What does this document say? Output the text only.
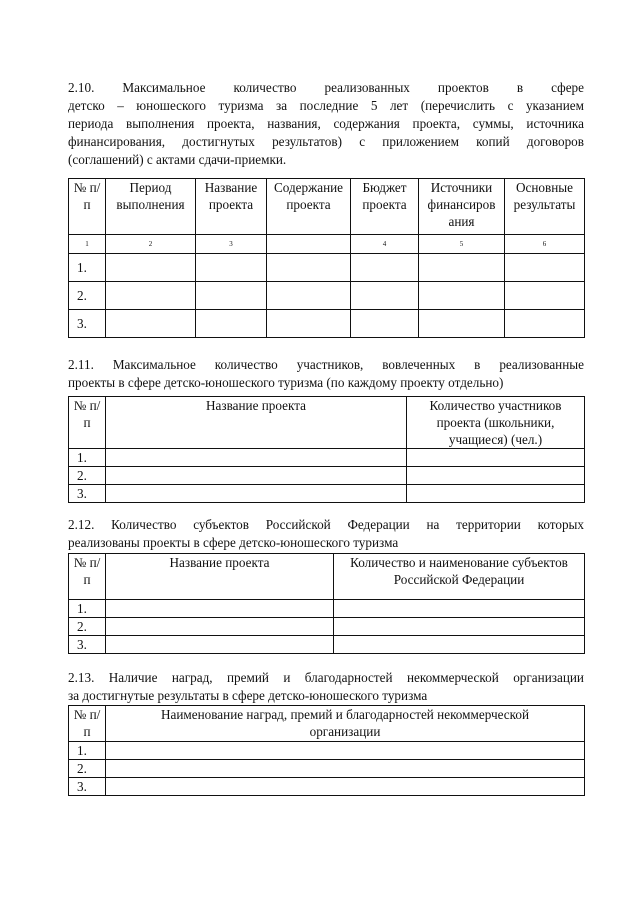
2.10. Максимальное количество реализованных проектов в сфере
детско – юношеского туризма за последние 5 лет (перечислить с указанием
периода выполнения проекта, названия, содержания проекта, суммы, источника
финансирования, достигнутых результатов) с приложением копий договоров
(соглашений) с актами сдачи-приемки.

№ п/п	Период выполнения	Название проекта	Содержание проекта	Бюджет проекта	Источники финансиров ания	Основные результаты
1	2	3		4	5	6
1.						
2.						
3.						

2.11. Максимальное количество участников, вовлеченных в реализованные
проекты в сфере детско-юношеского туризма (по каждому проекту отдельно)

№ п/п	Название проекта	Количество участников проекта (школьники, учащиеся) (чел.)
1.		
2.		
3.		

2.12. Количество субъектов Российской Федерации на территории которых
реализованы проекты в сфере детско-юношеского туризма

№ п/п	Название проекта	Количество и наименование субъектов Российской Федерации
1.		
2.		
3.		

2.13. Наличие наград, премий и благодарностей некоммерческой организации
за достигнутые результаты в сфере детско-юношеского туризма

№ п/п	Наименование наград, премий и благодарностей некоммерческой организации
1.	
2.	
3.	
